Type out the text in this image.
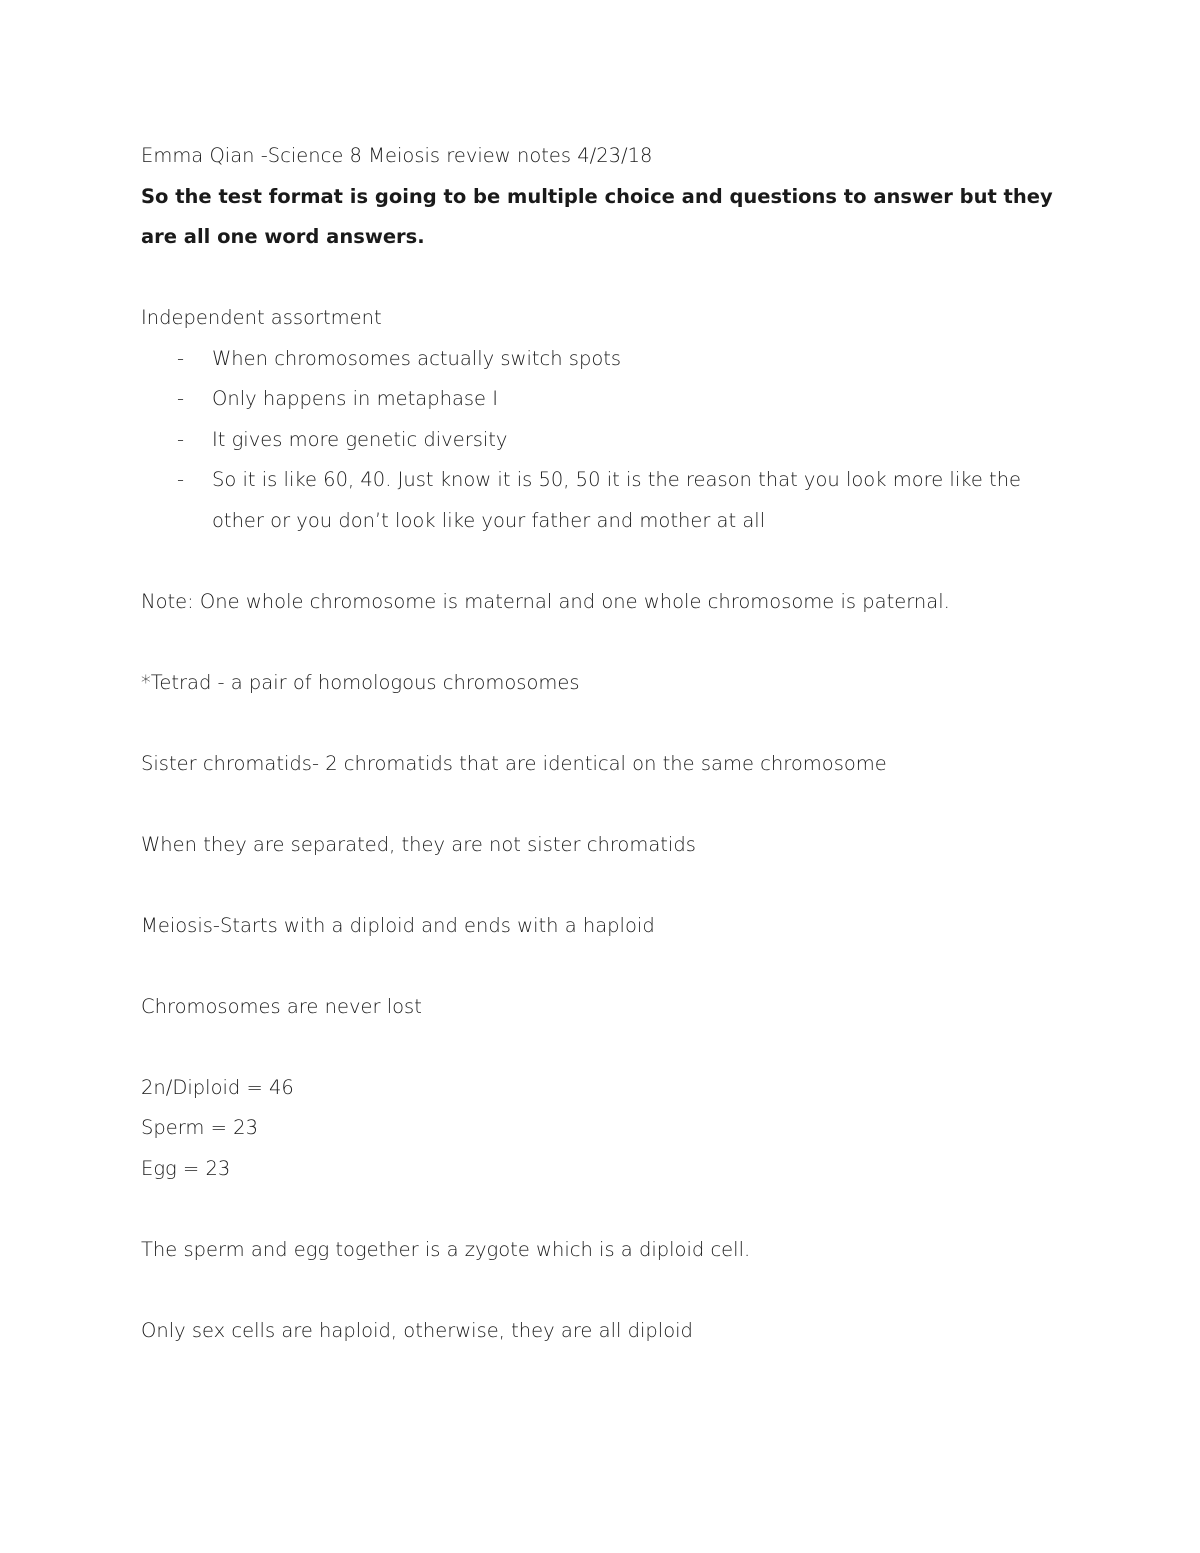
Emma Qian -Science 8 Meiosis review notes 4/23/18

So the test format is going to be multiple choice and questions to answer but they are all one word answers.

Independent assortment

- When chromosomes actually switch spots
- Only happens in metaphase I
- It gives more genetic diversity
- So it is like 60, 40. Just know it is 50, 50 it is the reason that you look more like the other or you don’t look like your father and mother at all

Note: One whole chromosome is maternal and one whole chromosome is paternal.

*Tetrad - a pair of homologous chromosomes

Sister chromatids- 2 chromatids that are identical on the same chromosome

When they are separated, they are not sister chromatids

Meiosis-Starts with a diploid and ends with a haploid

Chromosomes are never lost

2n/Diploid = 46

Sperm = 23

Egg = 23

The sperm and egg together is a zygote which is a diploid cell.

Only sex cells are haploid, otherwise, they are all diploid
